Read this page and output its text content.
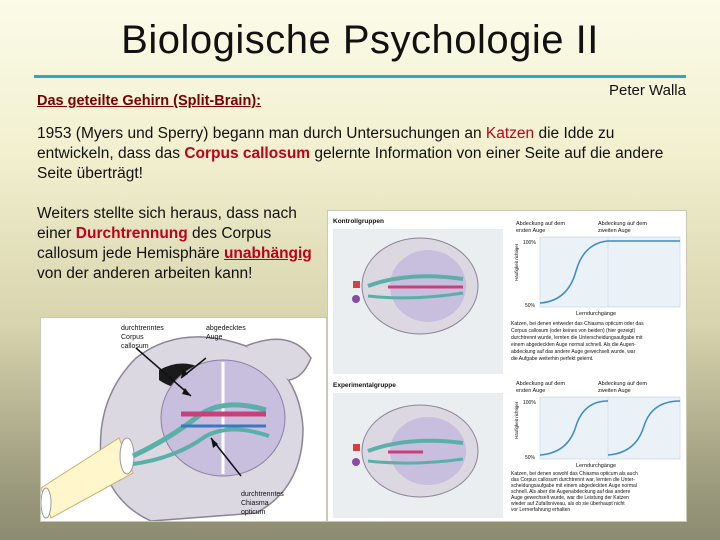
Biologische Psychologie II
Peter Walla
Das geteilte Gehirn (Split-Brain):
1953 (Myers und Sperry) begann man durch Untersuchungen an Katzen die Idde zu entwickeln, dass das Corpus callosum gelernte Information von einer Seite auf die andere Seite überträgt!
Weiters stellte sich heraus, dass nach einer Durchtrennung des Corpus callosum jede Hemisphäre unabhängig von der anderen arbeiten kann!
durchtrenntes
Corpus
callosum
abgedecktes
Auge
durchtrenntes
Chiasma
opticum
Kontrollgruppen	Abdeckung auf dem
ersten Auge
Abdeckung auf dem
zweiten Auge
100%
50%
Häufigkeit richtiger
Lerndurchgänge
Katzen, bei denen entweder das Chiasma opticum oder das
Corpus callosum (oder keines von beiden) (hier gezeigt)
durchtrennt wurde, lernten die Unterscheidungsaufgabe mit
einem abgedeckten Auge normal schnell. Als die Augen-
abdeckung auf das andere Auge gewechselt wurde, war
die Aufgabe weiterhin perfekt gelernt.
Experimentalgruppe	Abdeckung auf dem
ersten Auge
Abdeckung auf dem
zweiten Auge
100%
50%
Häufigkeit richtiger
Lerndurchgänge
Katzen, bei denen sowohl das Chiasma opticum als auch
das Corpus callosum durchtrennt war, lernten die Unter-
scheidungsaufgabe mit einem abgedeckten Auge normal
schnell. Als aber die Augenabdeckung auf das andere
Auge gewechselt wurde, war die Leistung der Katzen
wieder auf Zufallsniveau, als ob sie überhaupt nicht
vor Lernerfahrung erhalten
